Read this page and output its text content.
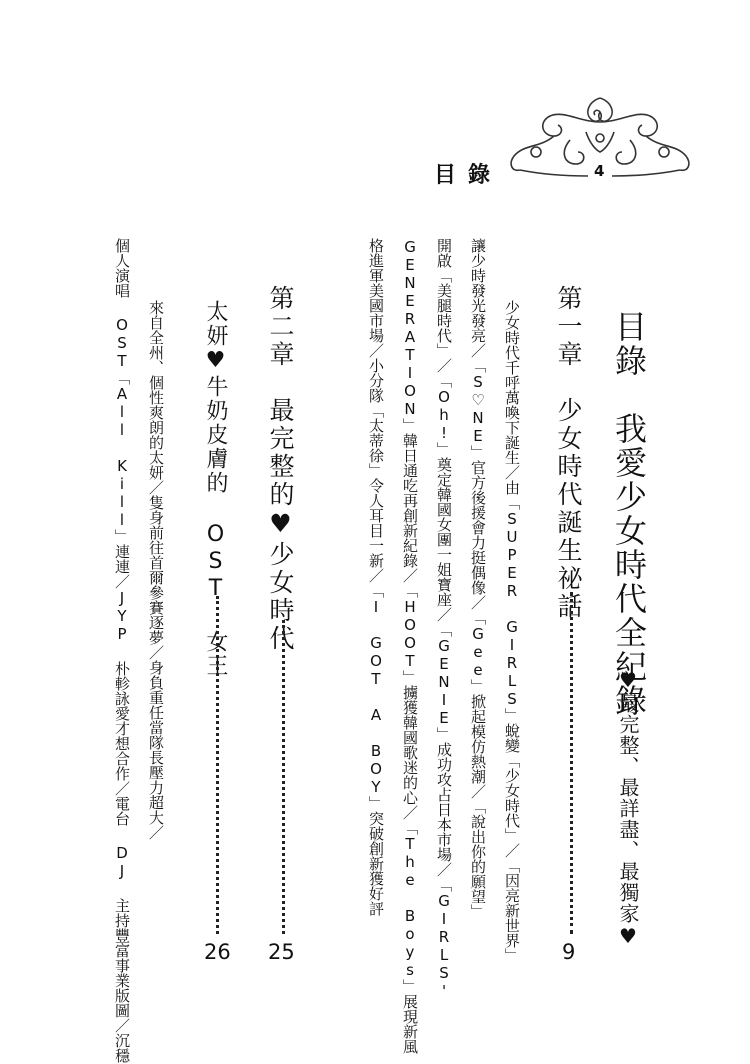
目錄	4
目錄　我愛少女時代全紀錄
♥最完整、最詳盡、最獨家♥
第一章　少女時代誕生祕話
9
少女時代千呼萬喚下誕生／由「SUPER GIRLS」蛻變「少女時代」／「因亮新世界」
讓少時發光發亮／「S♡NE」官方後援會力挺偶像／「Gee」掀起模仿熱潮／「說出你的願望」
開啟「美腿時代」／「Oh!」奠定韓國女團一姐寶座／「GENIE」成功攻占日本市場／「GIRLS'
GENERATION」韓日通吃再創新紀錄／「HOOT」擄獲韓國歌迷的心／「The Boys」展現新風
格進軍美國市場／小分隊「太蒂徐」令人耳目一新／「I GOT A BOY」突破創新獲好評
第二章　最完整的♥少女時代
25
太妍♥牛奶皮膚的 OST 女王
26
來自全州、個性爽朗的太妍／隻身前往首爾參賽逐夢／身負重任當隊長壓力超大／
個人演唱 OST「All Kill」連連／JYP 朴軫詠愛才想合作／電台 DJ 主持豐富事業版圖／沉穩
